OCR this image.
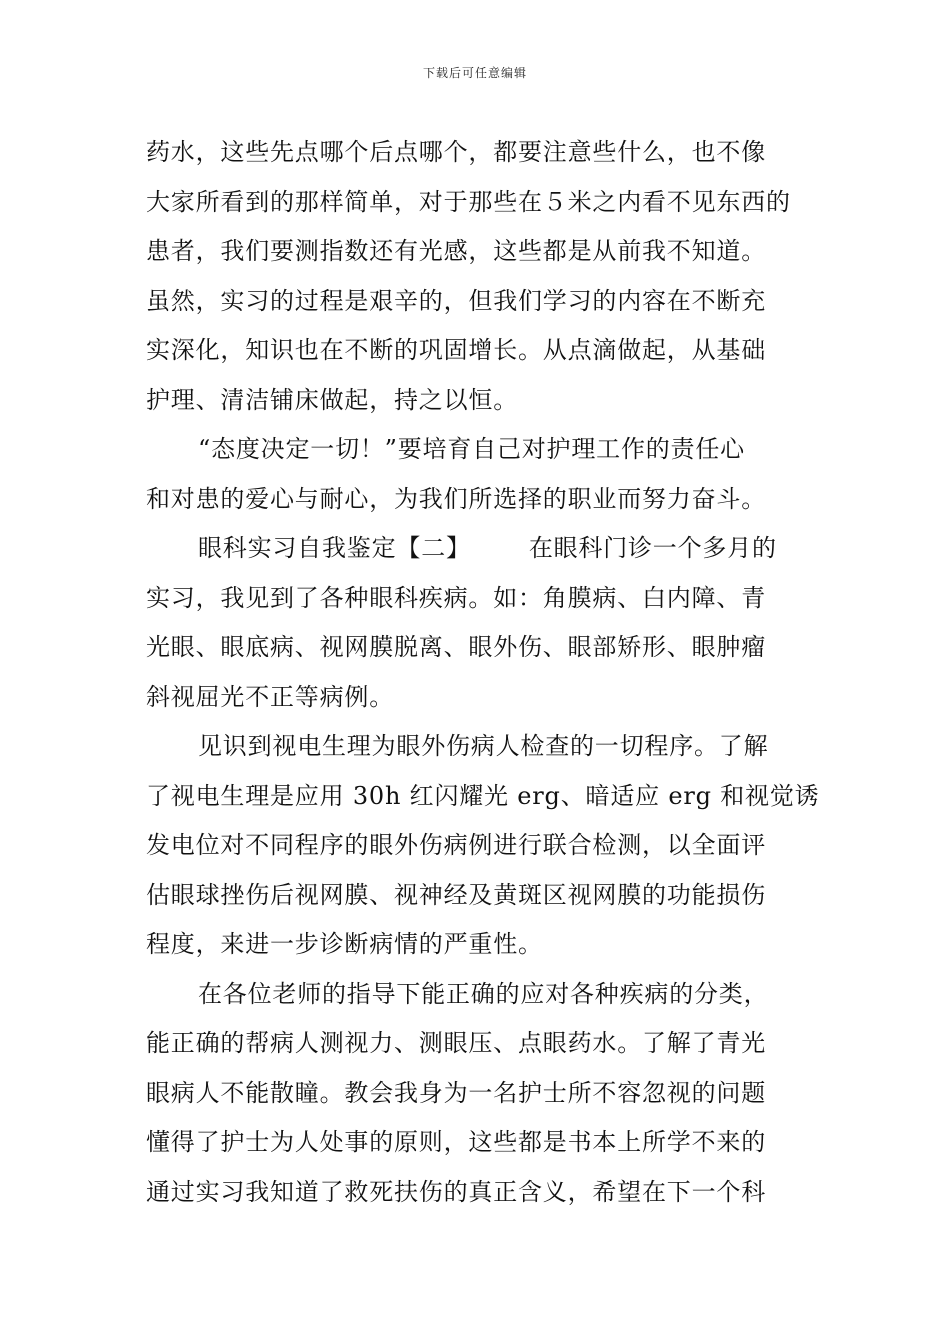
下载后可任意编辑
药水，这些先点哪个后点哪个，都要注意些什么，也不像
大家所看到的那样简单，对于那些在５米之内看不见东西的
患者，我们要测指数还有光感，这些都是从前我不知道。
虽然，实习的过程是艰辛的，但我们学习的内容在不断充
实深化，知识也在不断的巩固增长。从点滴做起，从基础
护理、清洁铺床做起，持之以恒。
“态度决定一切！”要培育自己对护理工作的责任心
和对患的爱心与耐心，为我们所选择的职业而努力奋斗。
眼科实习自我鉴定【二】 在眼科门诊一个多月的
实习，我见到了各种眼科疾病。如：角膜病、白内障、青
光眼、眼底病、视网膜脱离、眼外伤、眼部矫形、眼肿瘤
斜视屈光不正等病例。
见识到视电生理为眼外伤病人检查的一切程序。了解
了视电生理是应用 30h 红闪耀光 erg、暗适应 erg 和视觉诱
发电位对不同程序的眼外伤病例进行联合检测，以全面评
估眼球挫伤后视网膜、视神经及黄斑区视网膜的功能损伤
程度，来进一步诊断病情的严重性。
在各位老师的指导下能正确的应对各种疾病的分类，
能正确的帮病人测视力、测眼压、点眼药水。了解了青光
眼病人不能散瞳。教会我身为一名护士所不容忽视的问题
懂得了护士为人处事的原则，这些都是书本上所学不来的
通过实习我知道了救死扶伤的真正含义，希望在下一个科
